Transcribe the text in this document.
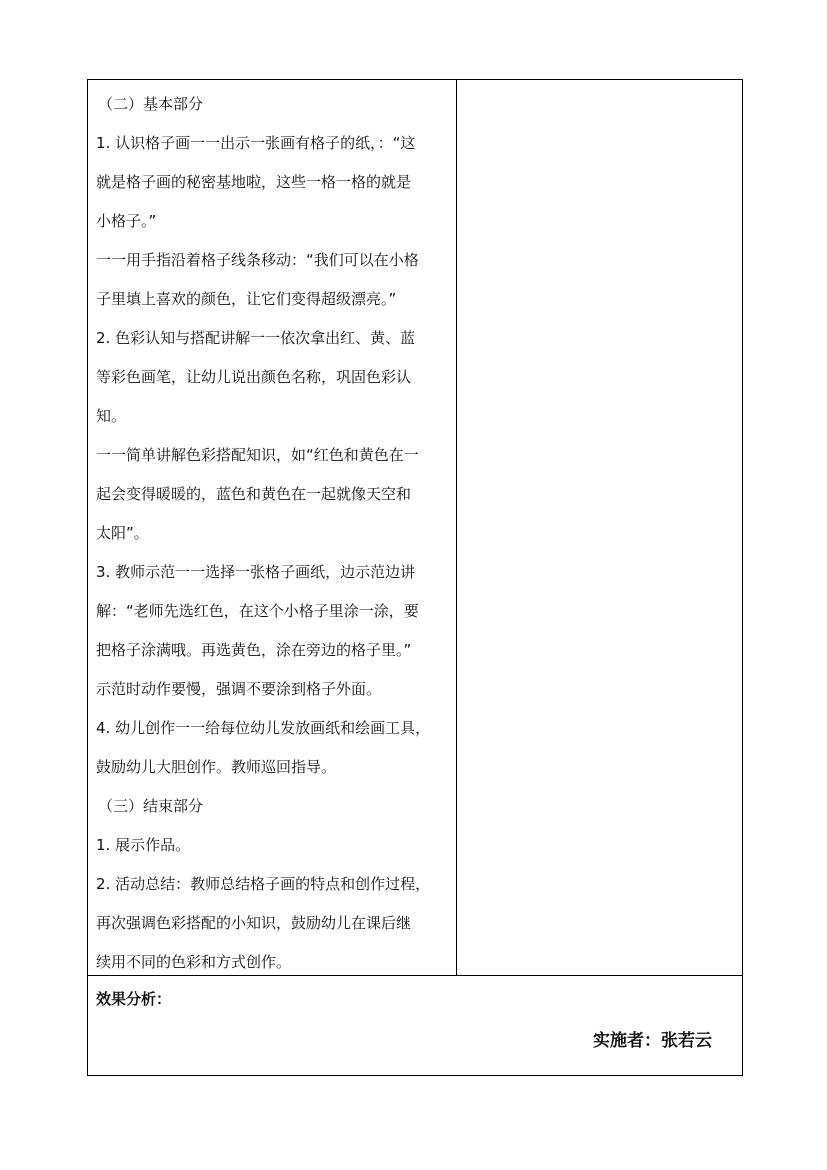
（二）基本部分

1. 认识格子画一一出示一张画有格子的纸，：“这
就是格子画的秘密基地啦，这些一格一格的就是
小格子。”

一一用手指沿着格子线条移动：“我们可以在小格
子里填上喜欢的颜色，让它们变得超级漂亮。”

2. 色彩认知与搭配讲解一一依次拿出红、黄、蓝
等彩色画笔，让幼儿说出颜色名称，巩固色彩认
知。

一一简单讲解色彩搭配知识，如“红色和黄色在一
起会变得暖暖的，蓝色和黄色在一起就像天空和
太阳”。

3. 教师示范一一选择一张格子画纸，边示范边讲
解：“老师先选红色，在这个小格子里涂一涂，要
把格子涂满哦。再选黄色，涂在旁边的格子里。”
示范时动作要慢，强调不要涂到格子外面。

4. 幼儿创作一一给每位幼儿发放画纸和绘画工具，
鼓励幼儿大胆创作。教师巡回指导。

（三）结束部分

1. 展示作品。

2. 活动总结：教师总结格子画的特点和创作过程，
再次强调色彩搭配的小知识，鼓励幼儿在课后继
续用不同的色彩和方式创作。

效果分析：
实施者：张若云
